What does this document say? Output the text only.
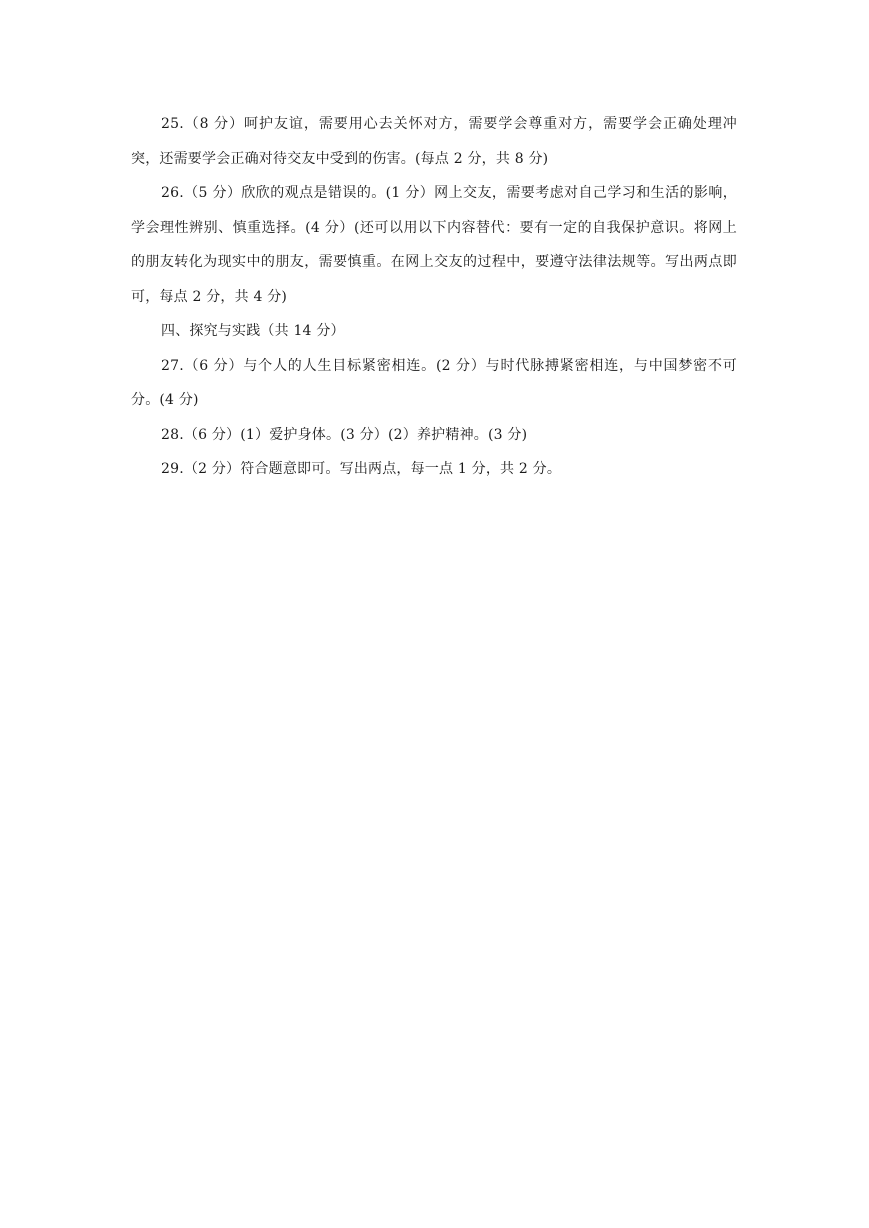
25.（8 分）呵护友谊，需要用心去关怀对方，需要学会尊重对方，需要学会正确处理冲突，还需要学会正确对待交友中受到的伤害。(每点 2 分，共 8 分)

26.（5 分）欣欣的观点是错误的。(1 分）网上交友，需要考虑对自己学习和生活的影响，学会理性辨别、慎重选择。(4 分）(还可以用以下内容替代：要有一定的自我保护意识。将网上的朋友转化为现实中的朋友，需要慎重。在网上交友的过程中，要遵守法律法规等。写出两点即可，每点 2 分，共 4 分)

四、探究与实践（共 14 分）

27.（6 分）与个人的人生目标紧密相连。(2 分）与时代脉搏紧密相连，与中国梦密不可分。(4 分)

28.（6 分）(1）爱护身体。(3 分）(2）养护精神。(3 分)

29.（2 分）符合题意即可。写出两点，每一点 1 分，共 2 分。
